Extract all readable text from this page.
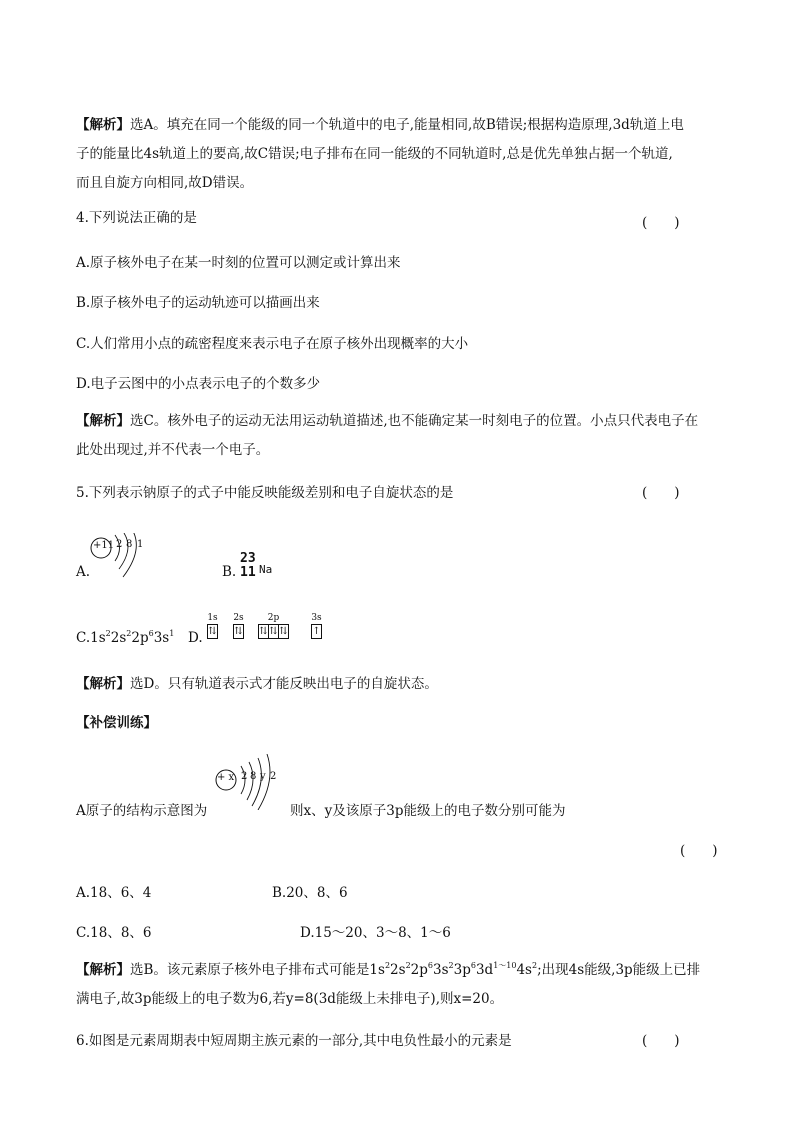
【解析】选A。填充在同一个能级的同一个轨道中的电子,能量相同,故B错误;根据构造原理,3d轨道上电
子的能量比4s轨道上的要高,故C错误;电子排布在同一能级的不同轨道时,总是优先单独占据一个轨道,
而且自旋方向相同,故D错误。
4.下列说法正确的是	(　　)
A.原子核外电子在某一时刻的位置可以测定或计算出来
B.原子核外电子的运动轨迹可以描画出来
C.人们常用小点的疏密程度来表示电子在原子核外出现概率的大小
D.电子云图中的小点表示电子的个数多少
【解析】选C。核外电子的运动无法用运动轨道描述,也不能确定某一时刻电子的位置。小点只代表电子在
此处出现过,并不代表一个电子。
5.下列表示钠原子的式子中能反映能级差别和电子自旋状态的是	(　　)
A.
+11 2 8 1
B.
23
11 Na
$C.1s^22s^22p^63s^1$ D.
1s
⇅
2s
⇅
2p
⇅ ⇅ ⇅
3s
↑
【解析】选D。只有轨道表示式才能反映出电子的自旋状态。
【补偿训练】
+ x 2 8 y 2
A原子的结构示意图为	则x、y及该原子3p能级上的电子数分别可能为
(　　)
A.18、6、4	B.20、8、6
C.18、8、6	D.15～20、3～8、1～6
【解析】选B。该元素原子核外电子排布式可能是$1s^22s^22p^63s^23p^63d^{1\sim 10}4s^2$;出现4s能级,3p能级上已排
满电子,故3p能级上的电子数为6,若y=8(3d能级上未排电子),则x=20。
6.如图是元素周期表中短周期主族元素的一部分,其中电负性最小的元素是	(　　)
